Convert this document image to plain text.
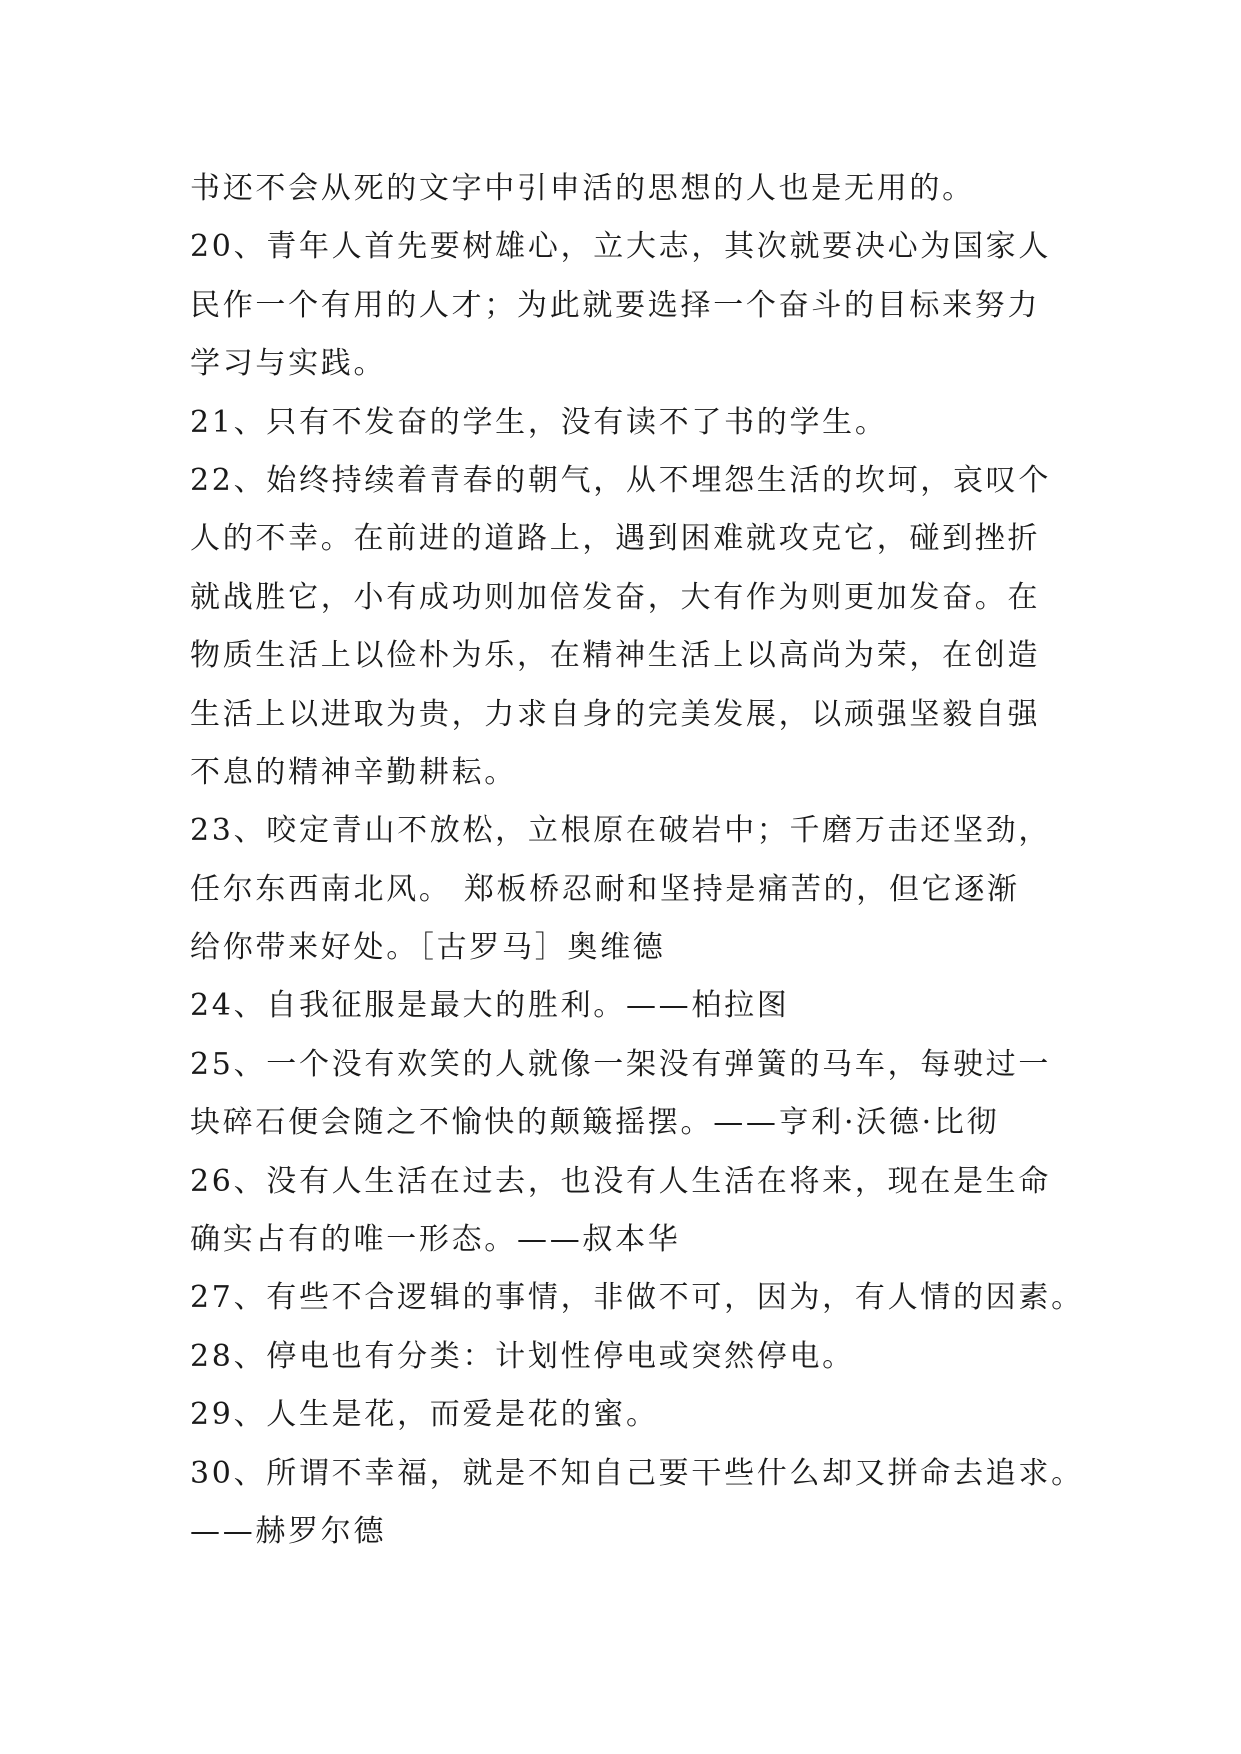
书还不会从死的文字中引申活的思想的人也是无用的。

20、青年人首先要树雄心，立大志，其次就要决心为国家人

民作一个有用的人才；为此就要选择一个奋斗的目标来努力

学习与实践。

21、只有不发奋的学生，没有读不了书的学生。

22、始终持续着青春的朝气，从不埋怨生活的坎坷，哀叹个

人的不幸。在前进的道路上，遇到困难就攻克它，碰到挫折

就战胜它，小有成功则加倍发奋，大有作为则更加发奋。在

物质生活上以俭朴为乐，在精神生活上以高尚为荣，在创造

生活上以进取为贵，力求自身的完美发展，以顽强坚毅自强

不息的精神辛勤耕耘。

23、咬定青山不放松，立根原在破岩中；千磨万击还坚劲，

任尔东西南北风。 郑板桥忍耐和坚持是痛苦的，但它逐渐

给你带来好处。［古罗马］奥维德

24、自我征服是最大的胜利。——柏拉图

25、一个没有欢笑的人就像一架没有弹簧的马车，每驶过一

块碎石便会随之不愉快的颠簸摇摆。——亨利·沃德·比彻

26、没有人生活在过去，也没有人生活在将来，现在是生命

确实占有的唯一形态。——叔本华

27、有些不合逻辑的事情，非做不可，因为，有人情的因素。

28、停电也有分类：计划性停电或突然停电。

29、人生是花，而爱是花的蜜。

30、所谓不幸福，就是不知自己要干些什么却又拼命去追求。

——赫罗尔德
